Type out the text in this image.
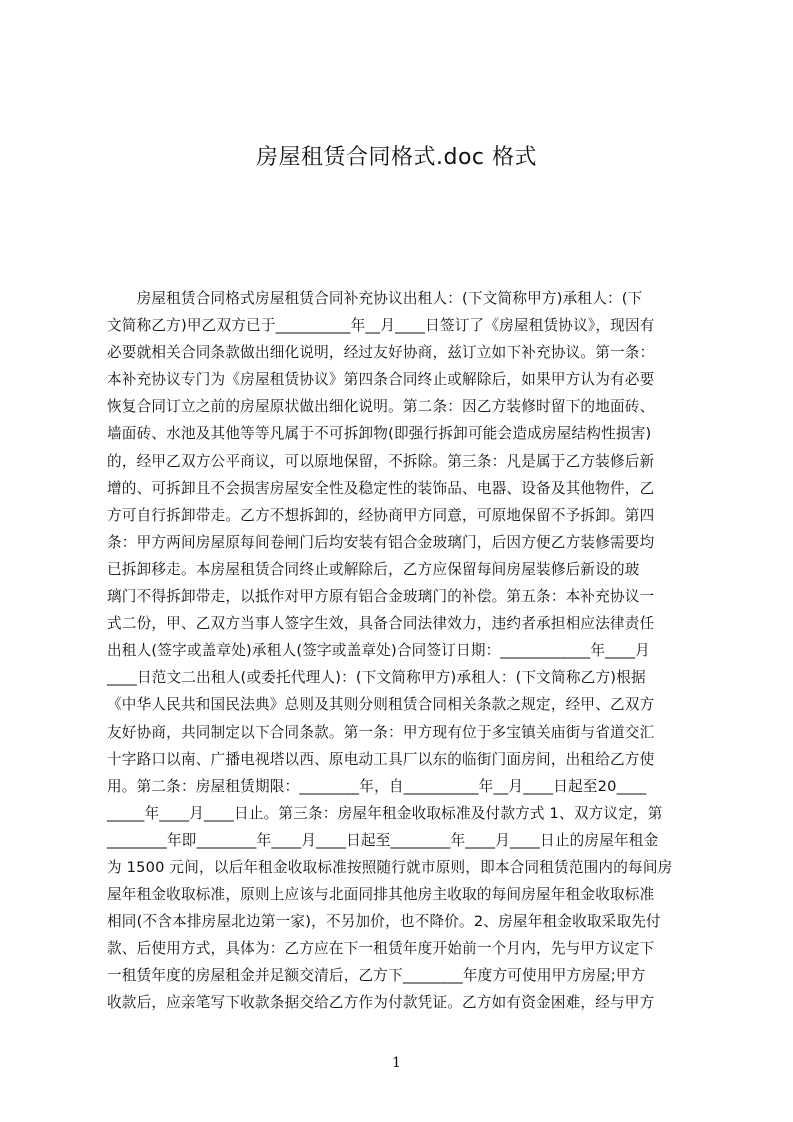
房屋租赁合同格式.doc 格式
　　房屋租赁合同格式房屋租赁合同补充协议出租人：(下文简称甲方)承租人：(下
文简称乙方)甲乙双方已于__________年__月____日签订了《房屋租赁协议》，现因有
必要就相关合同条款做出细化说明，经过友好协商，兹订立如下补充协议。第一条：
本补充协议专门为《房屋租赁协议》第四条合同终止或解除后，如果甲方认为有必要
恢复合同订立之前的房屋原状做出细化说明。第二条：因乙方装修时留下的地面砖、
墙面砖、水池及其他等等凡属于不可拆卸物(即强行拆卸可能会造成房屋结构性损害)
的，经甲乙双方公平商议，可以原地保留，不拆除。第三条：凡是属于乙方装修后新
增的、可拆卸且不会损害房屋安全性及稳定性的装饰品、电器、设备及其他物件，乙
方可自行拆卸带走。乙方不想拆卸的，经协商甲方同意，可原地保留不予拆卸。第四
条：甲方两间房屋原每间卷闸门后均安装有铝合金玻璃门，后因方便乙方装修需要均
已拆卸移走。本房屋租赁合同终止或解除后，乙方应保留每间房屋装修后新设的玻
璃门不得拆卸带走，以抵作对甲方原有铝合金玻璃门的补偿。第五条：本补充协议一
式二份，甲、乙双方当事人签字生效，具备合同法律效力，违约者承担相应法律责任
出租人(签字或盖章处)承租人(签字或盖章处)合同签订日期：____________年____月
____日范文二出租人(或委托代理人)：(下文简称甲方)承租人：(下文简称乙方)根据
《中华人民共和国民法典》总则及其则分则租赁合同相关条款之规定，经甲、乙双方
友好协商，共同制定以下合同条款。第一条：甲方现有位于多宝镇关庙街与省道交汇
十字路口以南、广播电视塔以西、原电动工具厂以东的临街门面房间，出租给乙方使
用。第二条：房屋租赁期限：________年，自__________年__月____日起至20____
_____年____月____日止。第三条：房屋年租金收取标准及付款方式 1、双方议定，第
________年即________年____月____日起至________年____月____日止的房屋年租金
为 1500 元间，以后年租金收取标准按照随行就市原则，即本合同租赁范围内的每间房
屋年租金收取标准，原则上应该与北面同排其他房主收取的每间房屋年租金收取标准
相同(不含本排房屋北边第一家)，不另加价，也不降价。2、房屋年租金收取采取先付
款、后使用方式，具体为：乙方应在下一租赁年度开始前一个月内，先与甲方议定下
一租赁年度的房屋租金并足额交清后，乙方下________年度方可使用甲方房屋;甲方
收款后，应亲笔写下收款条据交给乙方作为付款凭证。乙方如有资金困难，经与甲方
1
